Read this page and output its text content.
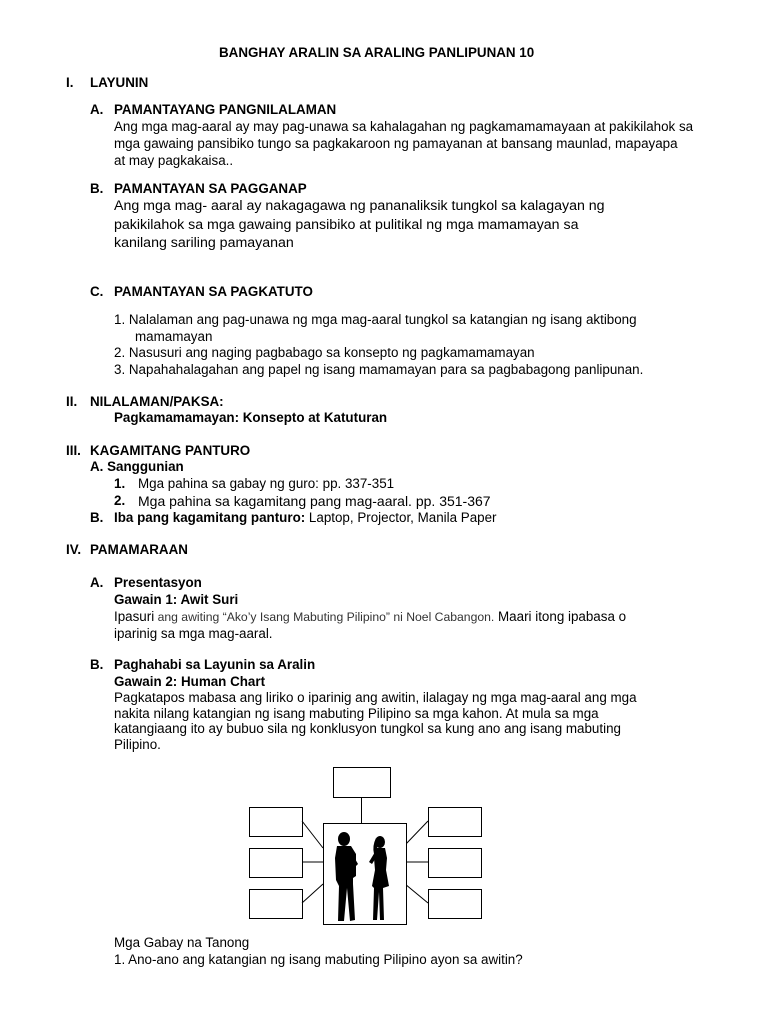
BANGHAY ARALIN SA ARALING PANLIPUNAN 10
I. LAYUNIN
A. PAMANTAYANG PANGNILALAMAN
Ang mga mag-aaral ay may pag-unawa sa kahalagahan ng pagkamamamayaan at pakikilahok sa
mga gawaing pansibiko tungo sa pagkakaroon ng pamayanan at bansang maunlad, mapayapa
at may pagkakaisa..
B. PAMANTAYAN SA PAGGANAP
Ang mga mag- aaral ay nakagagawa ng pananaliksik tungkol sa kalagayan ng
pakikilahok sa mga gawaing pansibiko at pulitikal ng mga mamamayan sa
kanilang sariling pamayanan
C. PAMANTAYAN SA PAGKATUTO
1. Nalalaman ang pag-unawa ng mga mag-aaral tungkol sa katangian ng isang aktibong
mamamayan
2. Nasusuri ang naging pagbabago sa konsepto ng pagkamamamayan
3. Napahahalagahan ang papel ng isang mamamayan para sa pagbabagong panlipunan.
II. NILALAMAN/PAKSA:
Pagkamamamayan: Konsepto at Katuturan
III. KAGAMITANG PANTURO
A. Sanggunian
1. Mga pahina sa gabay ng guro: pp. 337-351
2. Mga pahina sa kagamitang pang mag-aaral. pp. 351-367
B. Iba pang kagamitang panturo: Laptop, Projector, Manila Paper
IV. PAMAMARAAN
A. Presentasyon
Gawain 1: Awit Suri
Ipasuri ang awiting “Ako’y Isang Mabuting Pilipino” ni Noel Cabangon. Maari itong ipabasa o
iparinig sa mga mag-aaral.
B. Paghahabi sa Layunin sa Aralin
Gawain 2: Human Chart
Pagkatapos mabasa ang liriko o iparinig ang awitin, ilalagay ng mga mag-aaral ang mga
nakita nilang katangian ng isang mabuting Pilipino sa mga kahon. At mula sa mga
katangiaang ito ay bubuo sila ng konklusyon tungkol sa kung ano ang isang mabuting
Pilipino.
Mga Gabay na Tanong
1. Ano-ano ang katangian ng isang mabuting Pilipino ayon sa awitin?
